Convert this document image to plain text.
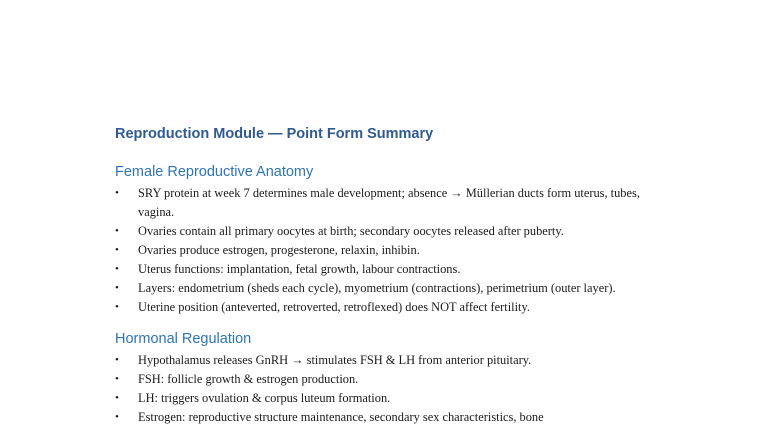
Reproduction Module — Point Form Summary
Female Reproductive Anatomy
• SRY protein at week 7 determines male development; absence → Müllerian ducts form uterus, tubes, vagina.
• Ovaries contain all primary oocytes at birth; secondary oocytes released after puberty.
• Ovaries produce estrogen, progesterone, relaxin, inhibin.
• Uterus functions: implantation, fetal growth, labour contractions.
• Layers: endometrium (sheds each cycle), myometrium (contractions), perimetrium (outer layer).
• Uterine position (anteverted, retroverted, retroflexed) does NOT affect fertility.
Hormonal Regulation
• Hypothalamus releases GnRH → stimulates FSH & LH from anterior pituitary.
• FSH: follicle growth & estrogen production.
• LH: triggers ovulation & corpus luteum formation.
• Estrogen: reproductive structure maintenance, secondary sex characteristics, bone
